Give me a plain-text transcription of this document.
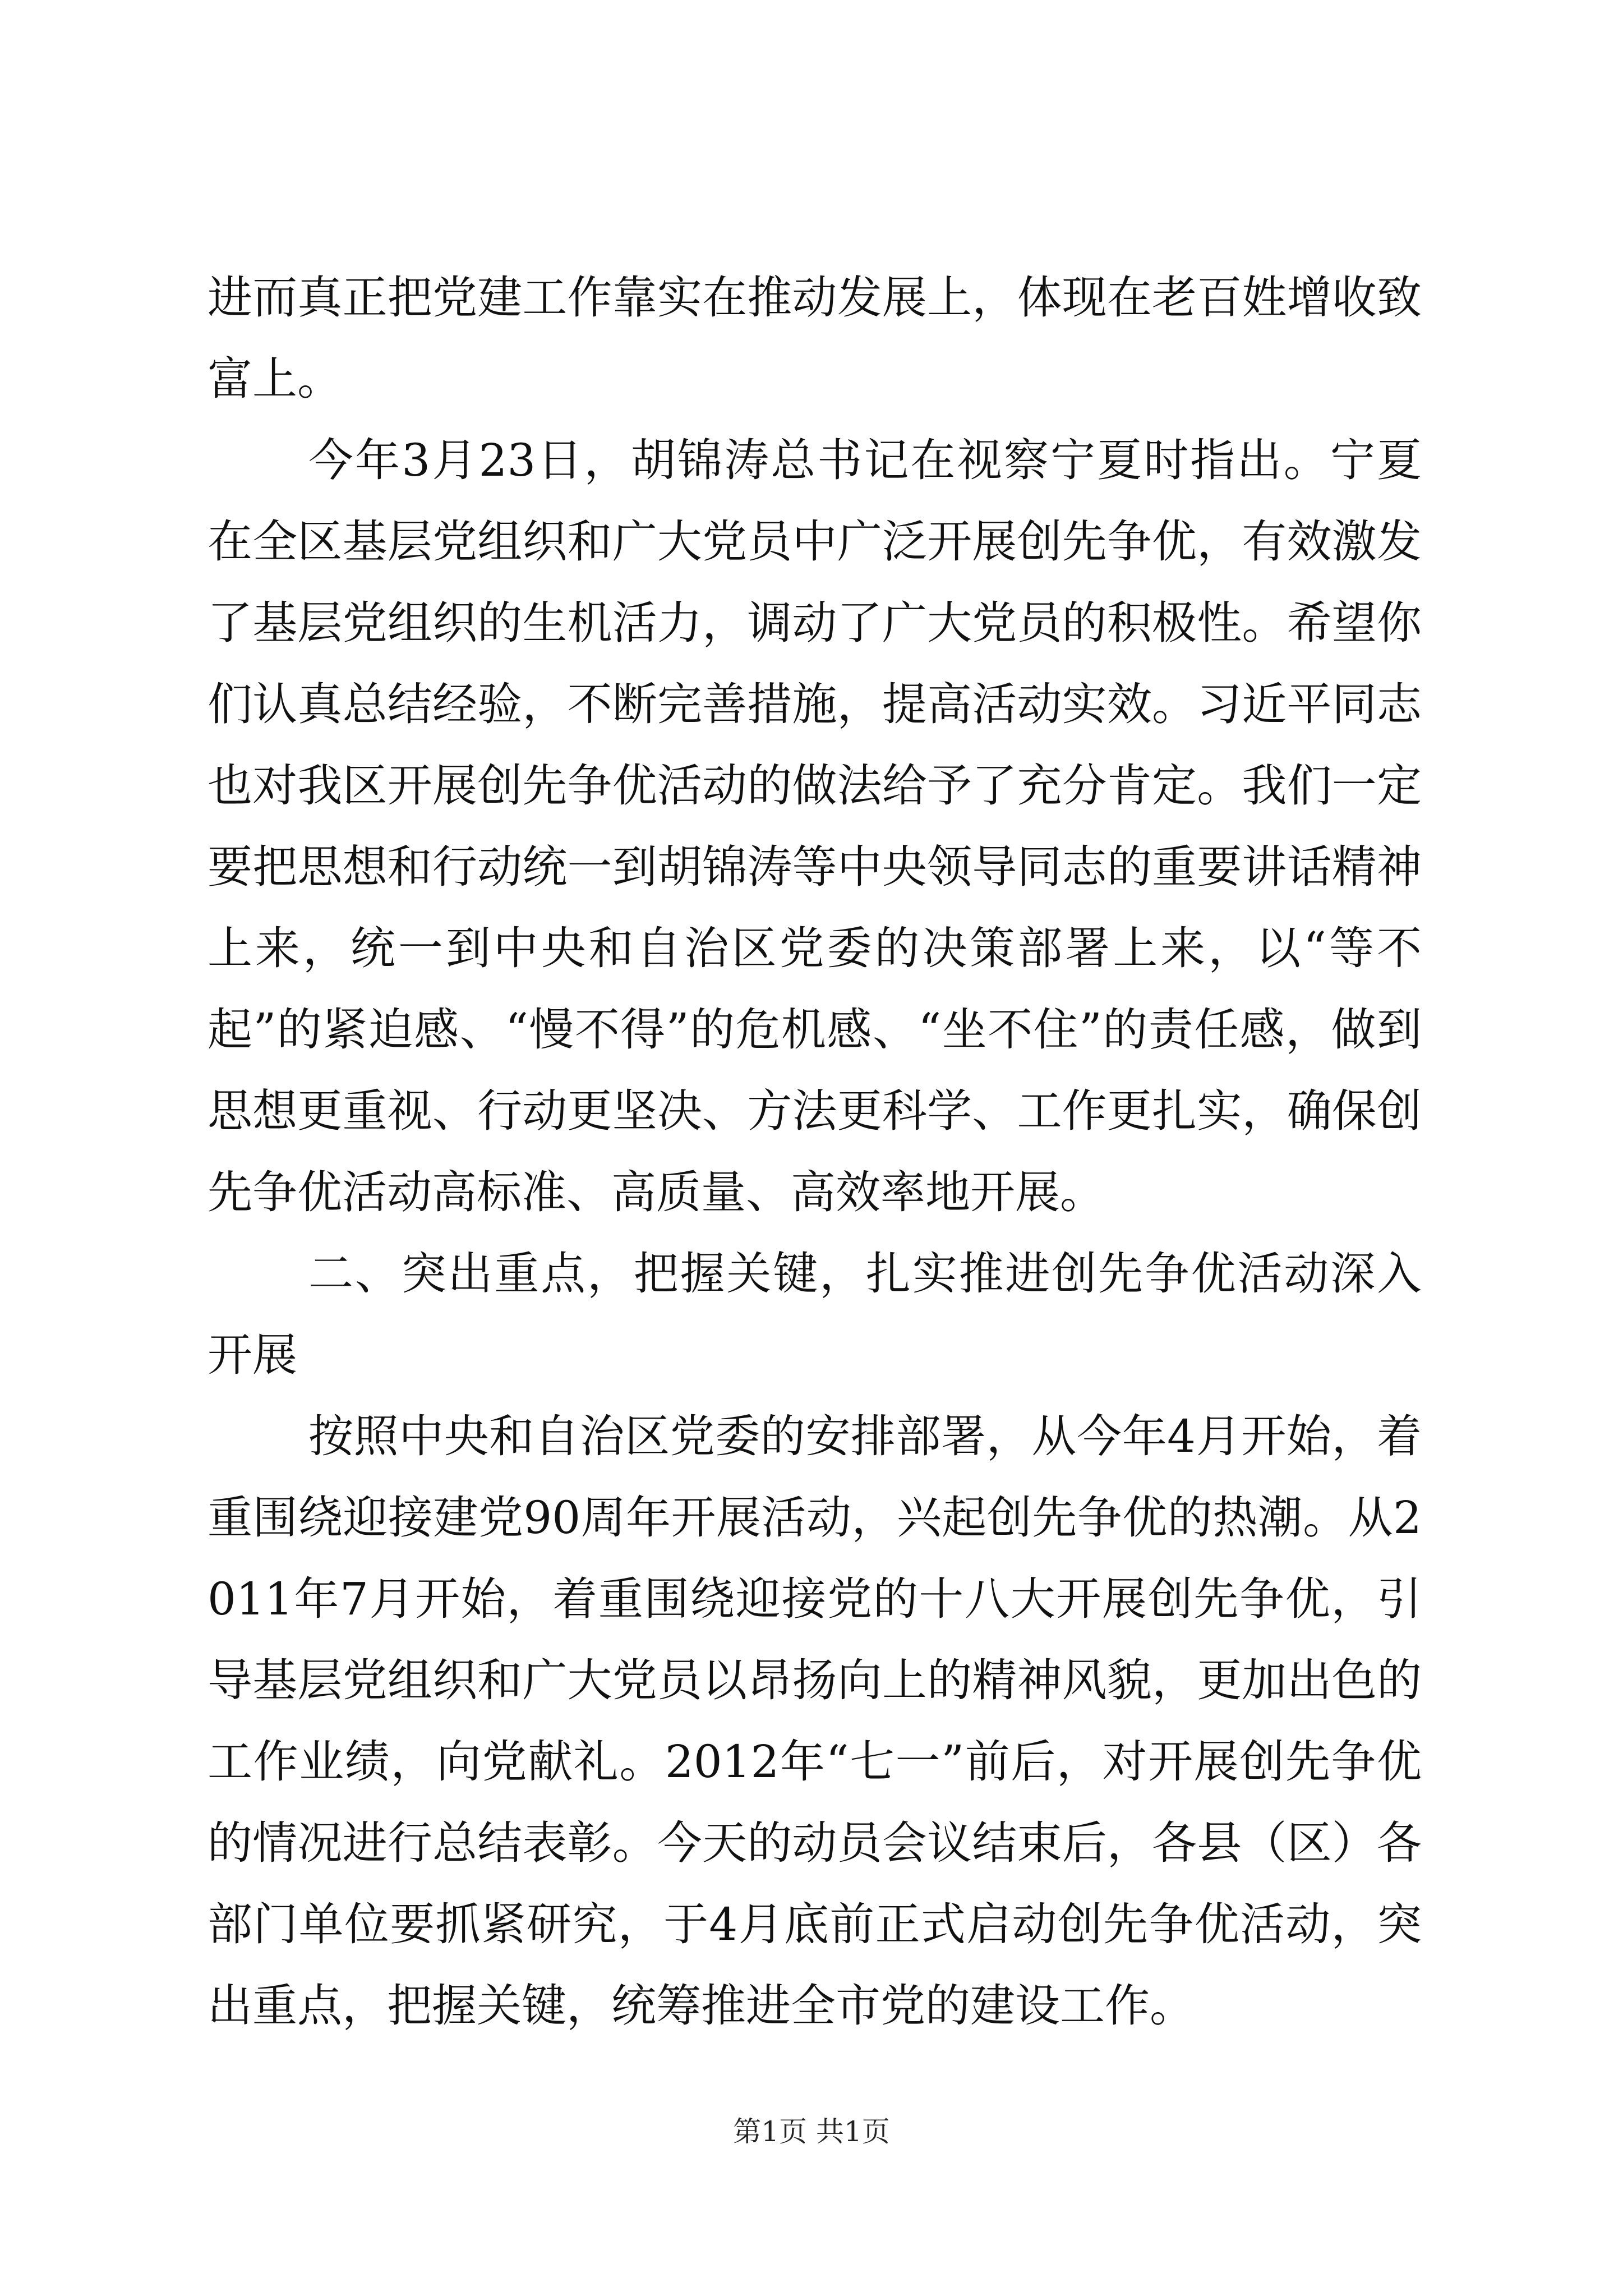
进而真正把党建工作靠实在推动发展上，体现在老百姓增收致富上。

今年3月23日，胡锦涛总书记在视察宁夏时指出。宁夏在全区基层党组织和广大党员中广泛开展创先争优，有效激发了基层党组织的生机活力，调动了广大党员的积极性。希望你们认真总结经验，不断完善措施，提高活动实效。习近平同志也对我区开展创先争优活动的做法给予了充分肯定。我们一定要把思想和行动统一到胡锦涛等中央领导同志的重要讲话精神上来，统一到中央和自治区党委的决策部署上来，以“等不起”的紧迫感、“慢不得”的危机感、“坐不住”的责任感，做到思想更重视、行动更坚决、方法更科学、工作更扎实，确保创先争优活动高标准、高质量、高效率地开展。

二、突出重点，把握关键，扎实推进创先争优活动深入开展

按照中央和自治区党委的安排部署，从今年4月开始，着重围绕迎接建党90周年开展活动，兴起创先争优的热潮。从2011年7月开始，着重围绕迎接党的十八大开展创先争优，引导基层党组织和广大党员以昂扬向上的精神风貌，更加出色的工作业绩，向党献礼。2012年“七一”前后，对开展创先争优的情况进行总结表彰。今天的动员会议结束后，各县（区）各部门单位要抓紧研究，于4月底前正式启动创先争优活动，突出重点，把握关键，统筹推进全市党的建设工作。

第1页 共1页
